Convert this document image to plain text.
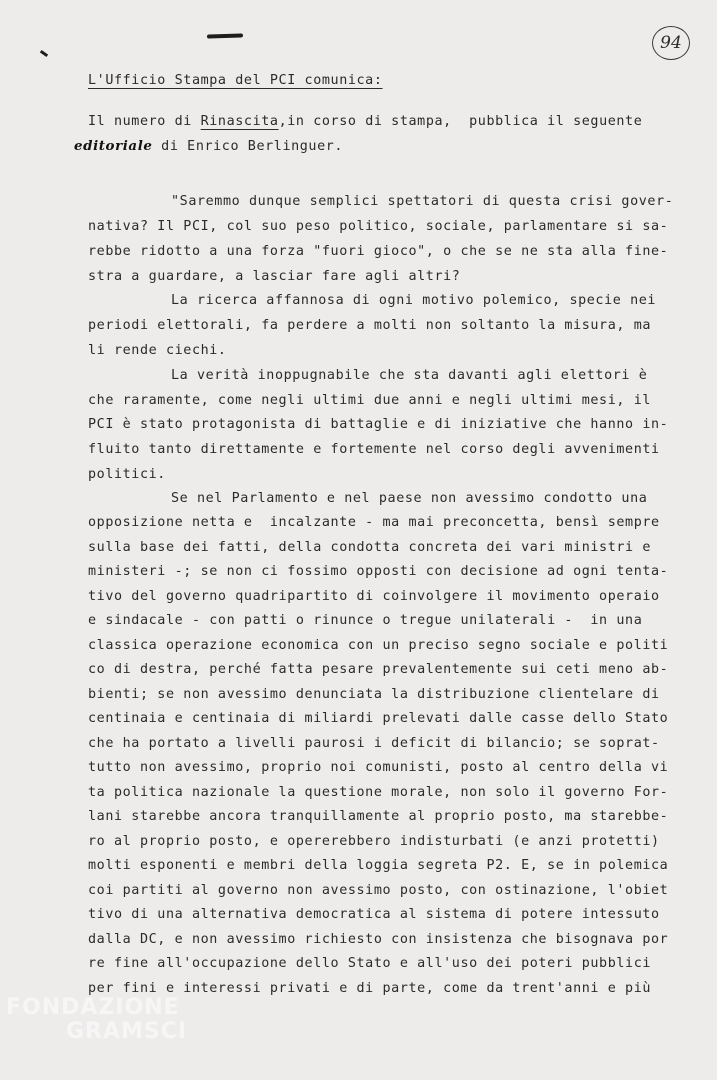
94
L'Ufficio Stampa del PCI comunica:
Il numero di Rinascita,in corso di stampa,  pubblica il seguente
editoriale di Enrico Berlinguer.
"Saremmo dunque semplici spettatori di questa crisi gover-
nativa? Il PCI, col suo peso politico, sociale, parlamentare si sa-
rebbe ridotto a una forza "fuori gioco", o che se ne sta alla fine-
stra a guardare, a lasciar fare agli altri?
La ricerca affannosa di ogni motivo polemico, specie nei
periodi elettorali, fa perdere a molti non soltanto la misura, ma
li rende ciechi.
La verità inoppugnabile che sta davanti agli elettori è
che raramente, come negli ultimi due anni e negli ultimi mesi, il
PCI è stato protagonista di battaglie e di iniziative che hanno in-
fluito tanto direttamente e fortemente nel corso degli avvenimenti
politici.
Se nel Parlamento e nel paese non avessimo condotto una
opposizione netta e  incalzante - ma mai preconcetta, bensì sempre
sulla base dei fatti, della condotta concreta dei vari ministri e
ministeri -; se non ci fossimo opposti con decisione ad ogni tenta-
tivo del governo quadripartito di coinvolgere il movimento operaio
e sindacale - con patti o rinunce o tregue unilaterali -  in una
classica operazione economica con un preciso segno sociale e politi
co di destra, perché fatta pesare prevalentemente sui ceti meno ab-
bienti; se non avessimo denunciata la distribuzione clientelare di
centinaia e centinaia di miliardi prelevati dalle casse dello Stato
che ha portato a livelli paurosi i deficit di bilancio; se soprat-
tutto non avessimo, proprio noi comunisti, posto al centro della vi
ta politica nazionale la questione morale, non solo il governo For-
lani starebbe ancora tranquillamente al proprio posto, ma starebbe-
ro al proprio posto, e opererebbero indisturbati (e anzi protetti)
molti esponenti e membri della loggia segreta P2. E, se in polemica
coi partiti al governo non avessimo posto, con ostinazione, l'obiet
tivo di una alternativa democratica al sistema di potere intessuto
dalla DC, e non avessimo richiesto con insistenza che bisognava por
re fine all'occupazione dello Stato e all'uso dei poteri pubblici
per fini e interessi privati e di parte, come da trent'anni e più
FONDAZIONE
GRAMSCI
